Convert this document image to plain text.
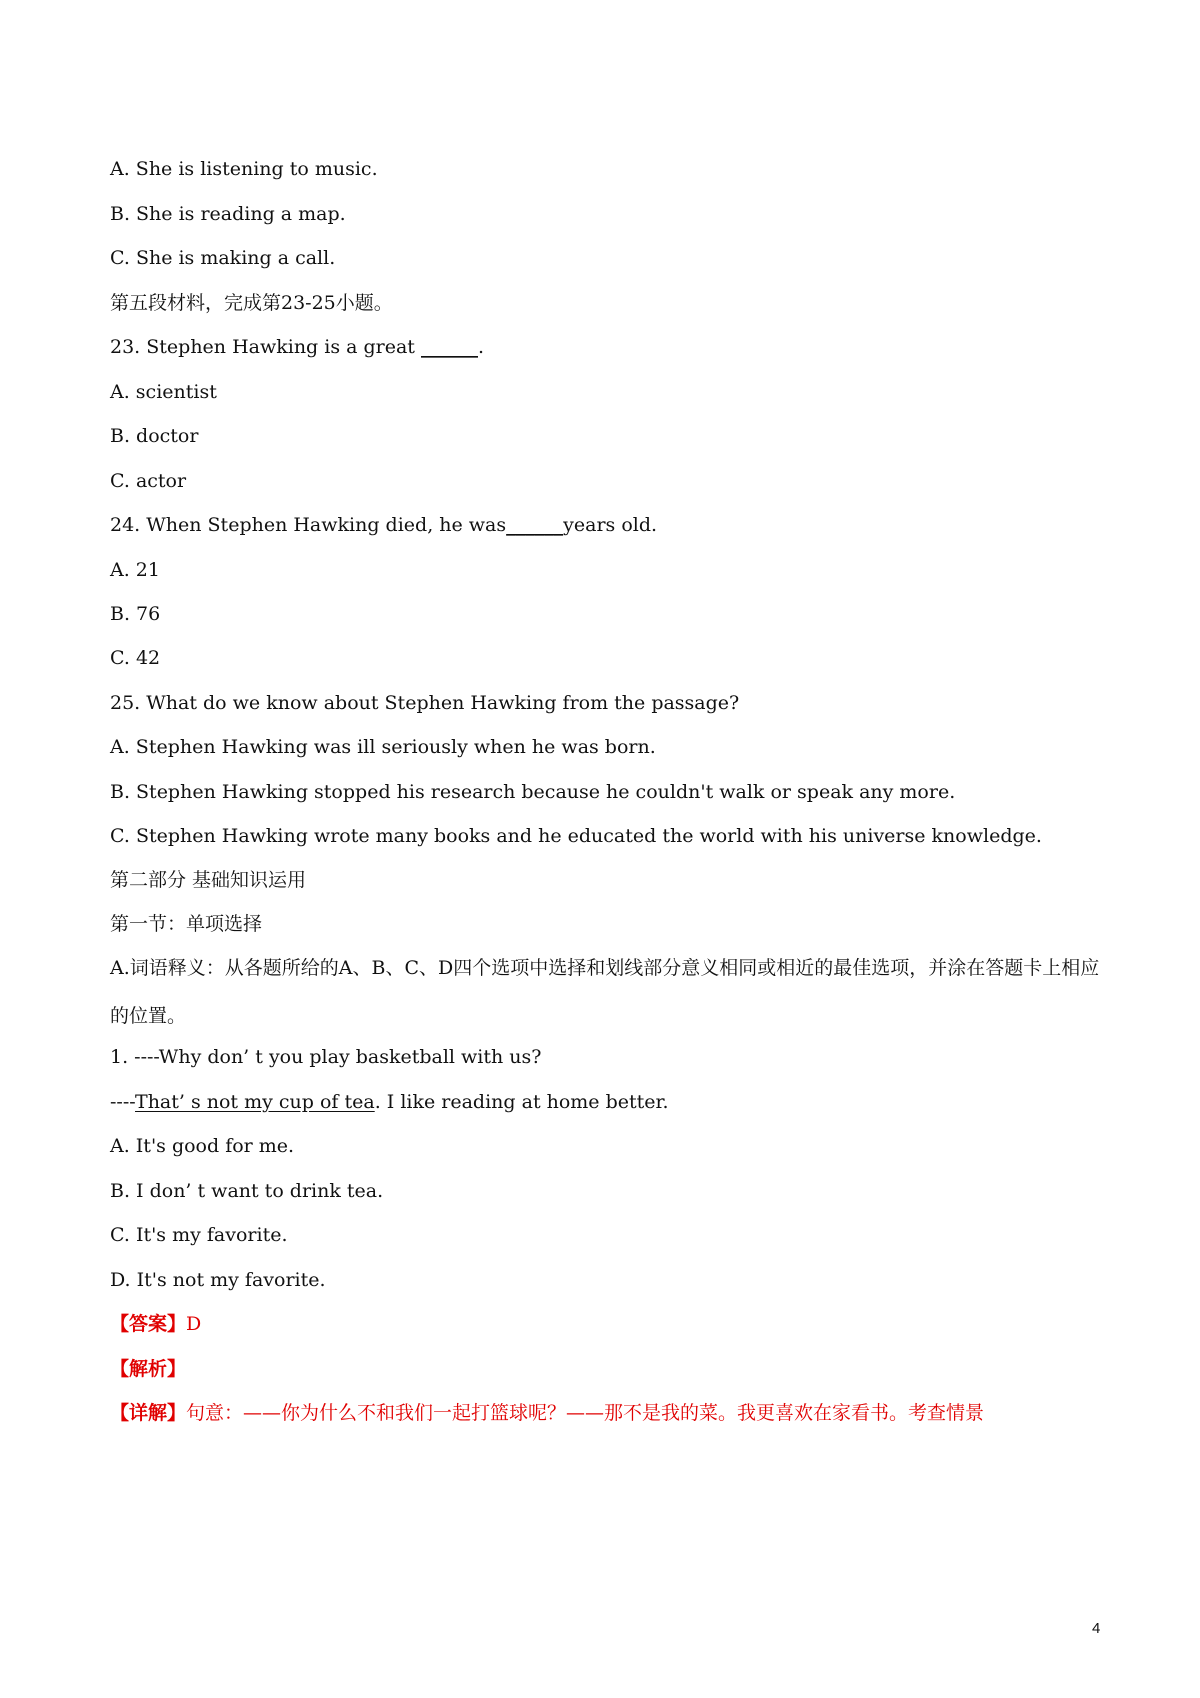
A. She is listening to music.
B. She is reading a map.
C. She is making a call.
第五段材料，完成第23-25小题。
23. Stephen Hawking is a great ______.
A. scientist
B. doctor
C. actor
24. When Stephen Hawking died, he was______years old.
A. 21
B. 76
C. 42
25. What do we know about Stephen Hawking from the passage?
A. Stephen Hawking was ill seriously when he was born.
B. Stephen Hawking stopped his research because he couldn't walk or speak any more.
C. Stephen Hawking wrote many books and he educated the world with his universe knowledge.
第二部分 基础知识运用
第一节：单项选择
A.词语释义：从各题所给的A、B、C、D四个选项中选择和划线部分意义相同或相近的最佳选项，并涂在答题卡上相应的位置。
1. ----Why don’ t you play basketball with us?
----That’ s not my cup of tea. I like reading at home better.
A. It's good for me.
B. I don’ t want to drink tea.
C. It's my favorite.
D. It's not my favorite.
【答案】D
【解析】
【详解】句意：——你为什么不和我们一起打篮球呢？——那不是我的菜。我更喜欢在家看书。考查情景
4
